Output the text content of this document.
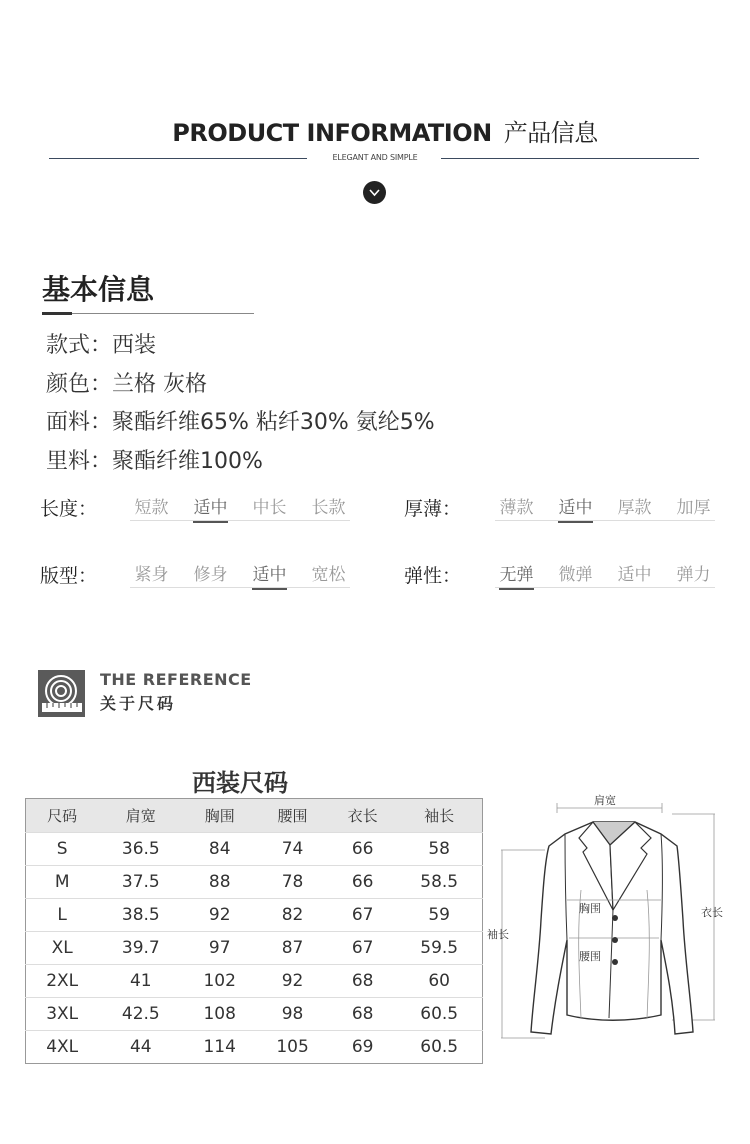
PRODUCT INFORMATION 产品信息
ELEGANT AND SIMPLE
基本信息
款式：西装
颜色：兰格 灰格
面料：聚酯纤维65% 粘纤30% 氨纶5%
里料：聚酯纤维100%
长度：	短款	适中	中长	长款	厚薄：	薄款	适中	厚款	加厚
版型：	紧身	修身	适中	宽松	弹性：	无弹	微弹	适中	弹力
THE REFERENCE
关于尺码
西装尺码
尺码	肩宽	胸围	腰围	衣长	袖长
S	36.5	84	74	66	58
M	37.5	88	78	66	58.5
L	38.5	92	82	67	59
XL	39.7	97	87	67	59.5
2XL	41	102	92	68	60
3XL	42.5	108	98	68	60.5
4XL	44	114	105	69	60.5
肩宽
胸围
腰围
袖长
衣长
